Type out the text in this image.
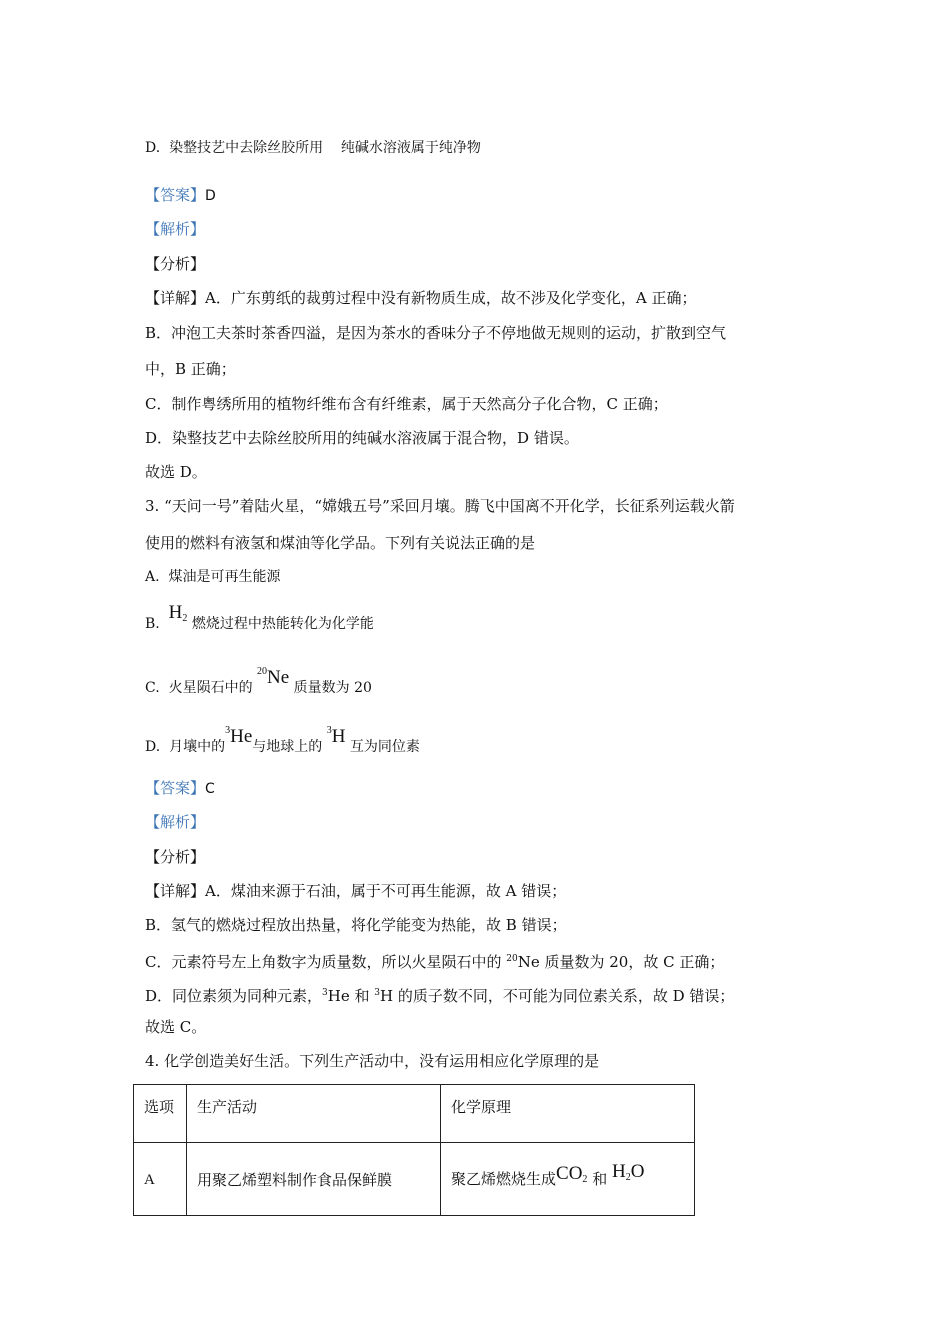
D. 染整技艺中去除丝胶所用 纯碱水溶液属于纯净物
【答案】D
【解析】
【分析】
【详解】A．广东剪纸的裁剪过程中没有新物质生成，故不涉及化学变化，A 正确；
B．冲泡工夫茶时茶香四溢，是因为茶水的香味分子不停地做无规则的运动，扩散到空气
中，B 正确；
C．制作粤绣所用的植物纤维布含有纤维素，属于天然高分子化合物，C 正确；
D．染整技艺中去除丝胶所用的纯碱水溶液属于混合物，D 错误。
故选 D。
3. “天问一号”着陆火星，“嫦娥五号”采回月壤。腾飞中国离不开化学，长征系列运载火箭
使用的燃料有液氢和煤油等化学品。下列有关说法正确的是
A. 煤油是可再生能源
B.  $H_2$ 燃烧过程中热能转化为化学能
C. 火星陨石中的 $^{20}$Ne 质量数为 20
D. 月壤中的$^3$He与地球上的 $^3$H 互为同位素
【答案】C
【解析】
【分析】
【详解】A．煤油来源于石油，属于不可再生能源，故 A 错误；
B．氢气的燃烧过程放出热量，将化学能变为热能，故 B 错误；
C．元素符号左上角数字为质量数，所以火星陨石中的 $^{20}$Ne 质量数为 20，故 C 正确；
D．同位素须为同种元素，$^3$He 和 $^3$H 的质子数不同，不可能为同位素关系，故 D 错误；
故选 C。
4. 化学创造美好生活。下列生产活动中，没有运用相应化学原理的是
选项	生产活动	化学原理
A	用聚乙烯塑料制作食品保鲜膜	聚乙烯燃烧生成$CO_2$ 和 $H_2O$
